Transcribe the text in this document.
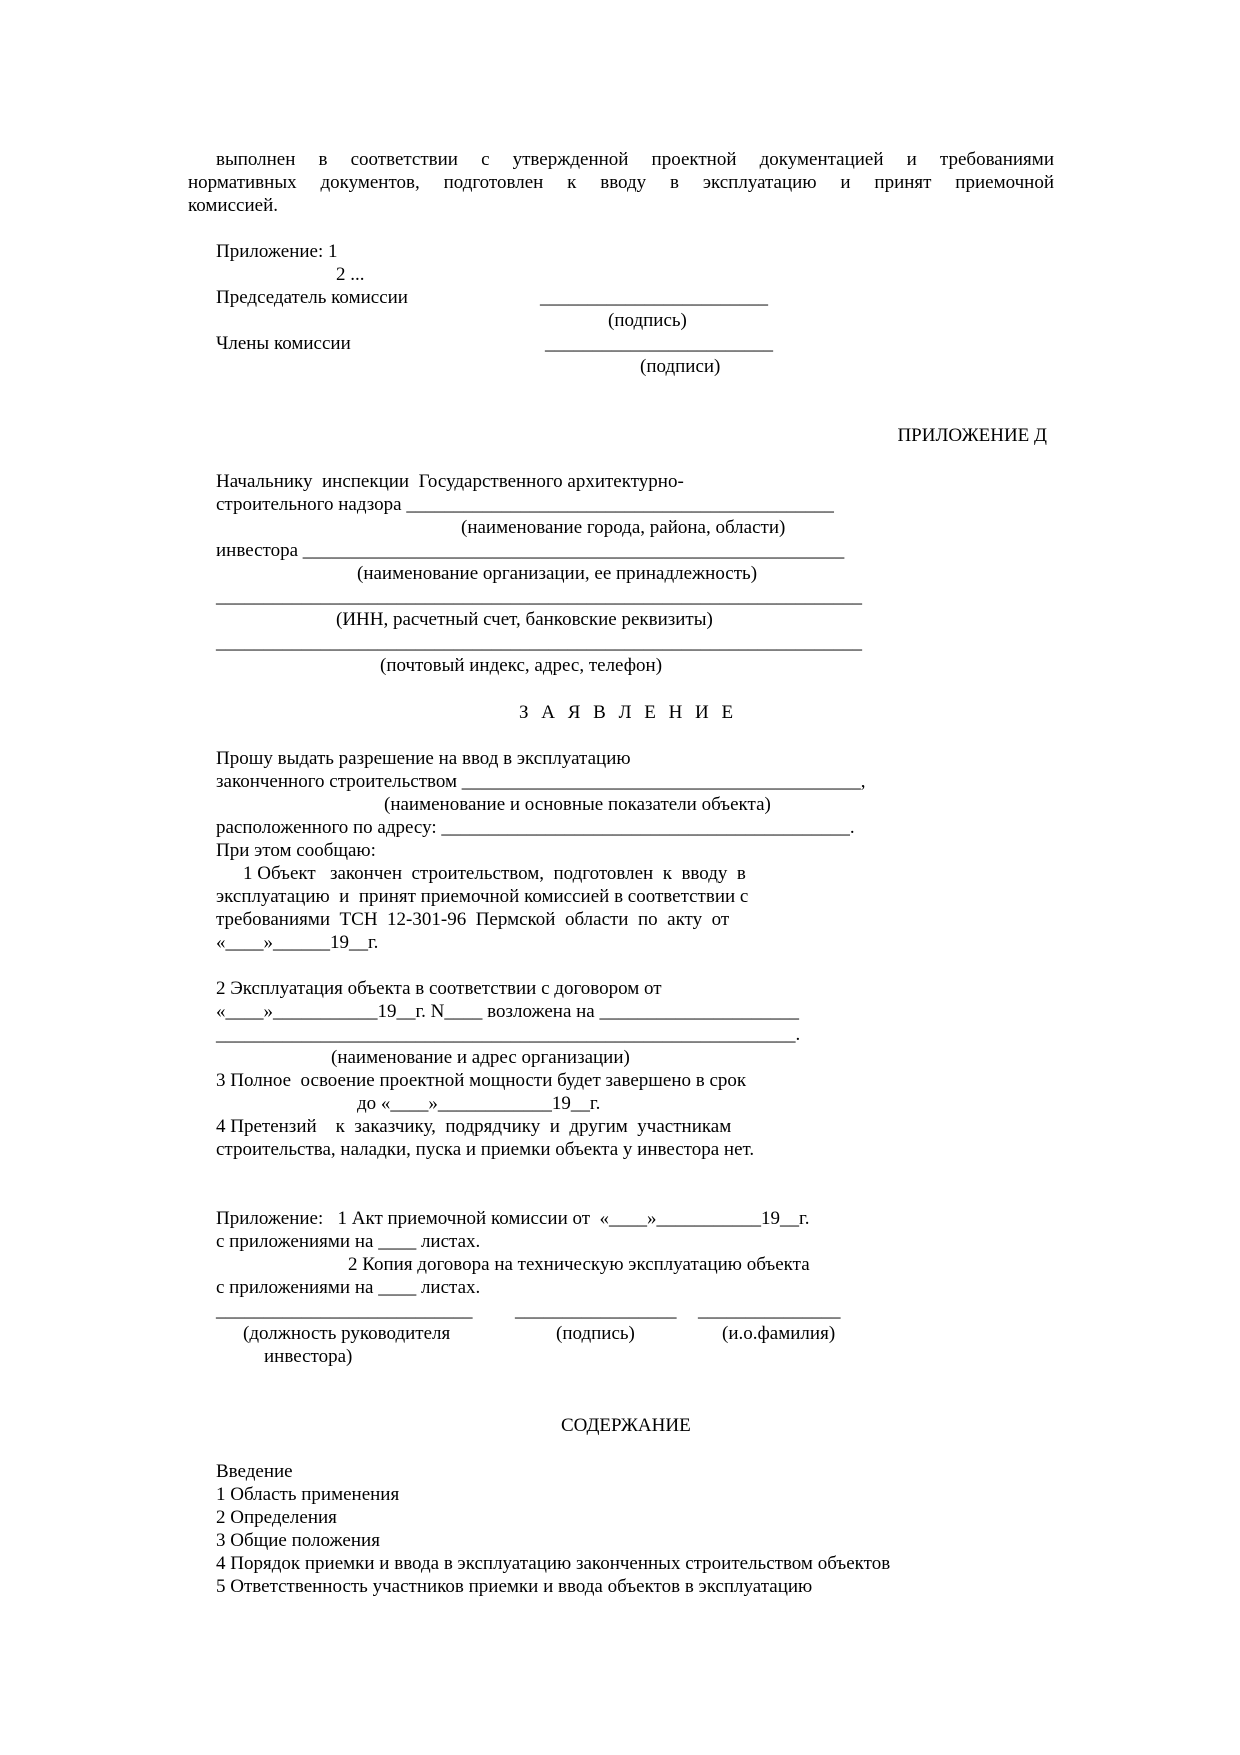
выполнен в соответствии с утвержденной проектной документацией и требованиями
нормативных документов, подготовлен к вводу в эксплуатацию и принят приемочной
комиссией.
Приложение: 1
2 ...
Председатель комиссии	________________________
(подпись)
Члены комиссии	________________________
(подписи)
ПРИЛОЖЕНИЕ Д
Начальнику  инспекции  Государственного архитектурно-
строительного надзора _____________________________________________
(наименование города, района, области)
инвестора _________________________________________________________
(наименование организации, ее принадлежность)
____________________________________________________________________
(ИНН, расчетный счет, банковские реквизиты)
____________________________________________________________________
(почтовый индекс, адрес, телефон)
З А Я В Л Е Н И Е
Прошу выдать разрешение на ввод в эксплуатацию
законченного строительством __________________________________________,
(наименование и основные показатели объекта)
расположенного по адресу: ___________________________________________.
При этом сообщаю:
1 Объект   закончен  строительством,  подготовлен  к  вводу  в
эксплуатацию  и  принят приемочной комиссией в соответствии с
требованиями  ТСН  12-301-96  Пермской  области  по  акту  от
«____»______19__г.
2 Эксплуатация объекта в соответствии с договором от
«____»___________19__г. N____ возложена на _____________________
_____________________________________________________________.
(наименование и адрес организации)
3 Полное  освоение проектной мощности будет завершено в срок
до «____»____________19__г.
4 Претензий    к  заказчику,  подрядчику  и  другим  участникам
строительства, наладки, пуска и приемки объекта у инвестора нет.
Приложение:   1 Акт приемочной комиссии от  «____»___________19__г.
с приложениями на ____ листах.
2 Копия договора на техническую эксплуатацию объекта
с приложениями на ____ листах.
___________________________ _________________ _______________
(должность руководителя	(подпись)	(и.о.фамилия)
инвестора)
СОДЕРЖАНИЕ
Введение
1 Область применения
2 Определения
3 Общие положения
4 Порядок приемки и ввода в эксплуатацию законченных строительством объектов
5 Ответственность участников приемки и ввода объектов в эксплуатацию
